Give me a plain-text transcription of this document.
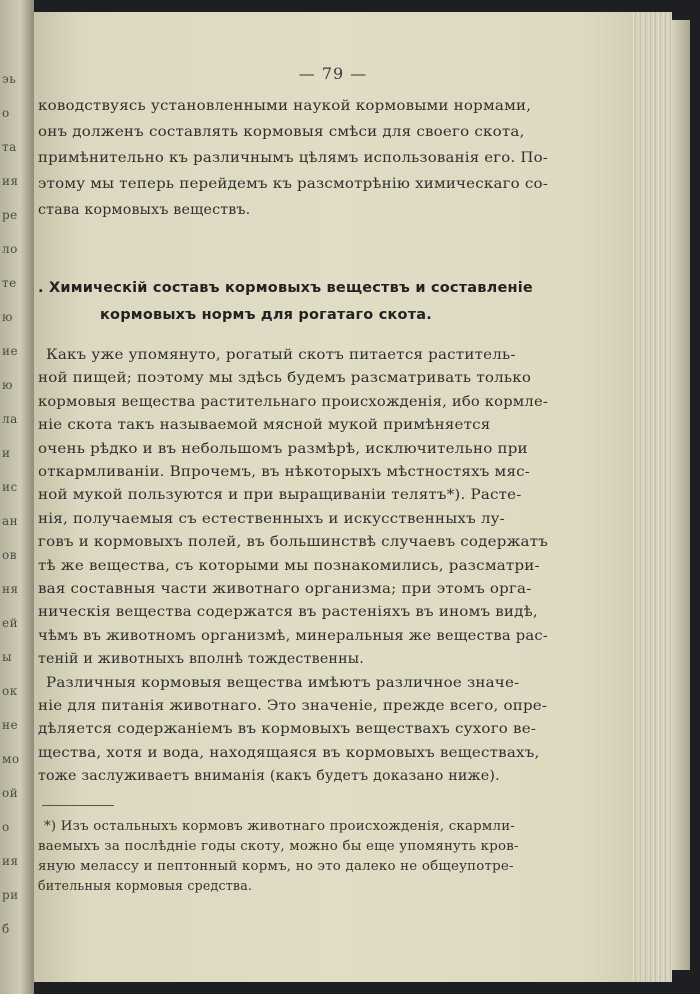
эь
о
та
ия
ре
ло
те
ю
ие
ю
ла
и
ис
ан
ов
ня
ей
ы
ок
не
мо
ой
о
ия
ри
б
— 79 —
ководствуясь установленными наукой кормовыми нормами,
онъ долженъ составлять кормовыя смѣси для своего скота,
примѣнительно къ различнымъ цѣлямъ использованія его. По-
этому мы теперь перейдемъ къ разсмотрѣнію химическаго со-
става кормовыхъ веществъ.
. Химическій составъ кормовыхъ веществъ и составленіе
кормовыхъ нормъ для рогатаго скота.
Какъ уже упомянуто, рогатый скотъ питается раститель-
ной пищей; поэтому мы здѣсь будемъ разсматривать только
кормовыя вещества растительнаго происхожденія, ибо кормле-
ніе скота такъ называемой мясной мукой примѣняется
очень рѣдко и въ небольшомъ размѣрѣ, исключительно при
откармливаніи. Впрочемъ, въ нѣкоторыхъ мѣстностяхъ мяс-
ной мукой пользуются и при выращиваніи телятъ*). Расте-
нія, получаемыя съ естественныхъ и искусственныхъ лу-
говъ и кормовыхъ полей, въ большинствѣ случаевъ содержатъ
тѣ же вещества, съ которыми мы познакомились, разсматри-
вая составныя части животнаго организма; при этомъ орга-
ническія вещества содержатся въ растеніяхъ въ иномъ видѣ,
чѣмъ въ животномъ организмѣ, минеральныя же вещества рас-
теній и животныхъ вполнѣ тождественны.
Различныя кормовыя вещества имѣютъ различное значе-
ніе для питанія животнаго. Это значеніе, прежде всего, опре-
дѣляется содержаніемъ въ кормовыхъ веществахъ сухого ве-
щества, хотя и вода, находящаяся въ кормовыхъ веществахъ,
тоже заслуживаетъ вниманія (какъ будетъ доказано ниже).
*) Изъ остальныхъ кормовъ животнаго происхожденія, скармли-
ваемыхъ за послѣдніе годы скоту, можно бы еще упомянуть кров-
яную мелассу и пептонный кормъ, но это далеко не общеупотре-
бительныя кормовыя средства.
